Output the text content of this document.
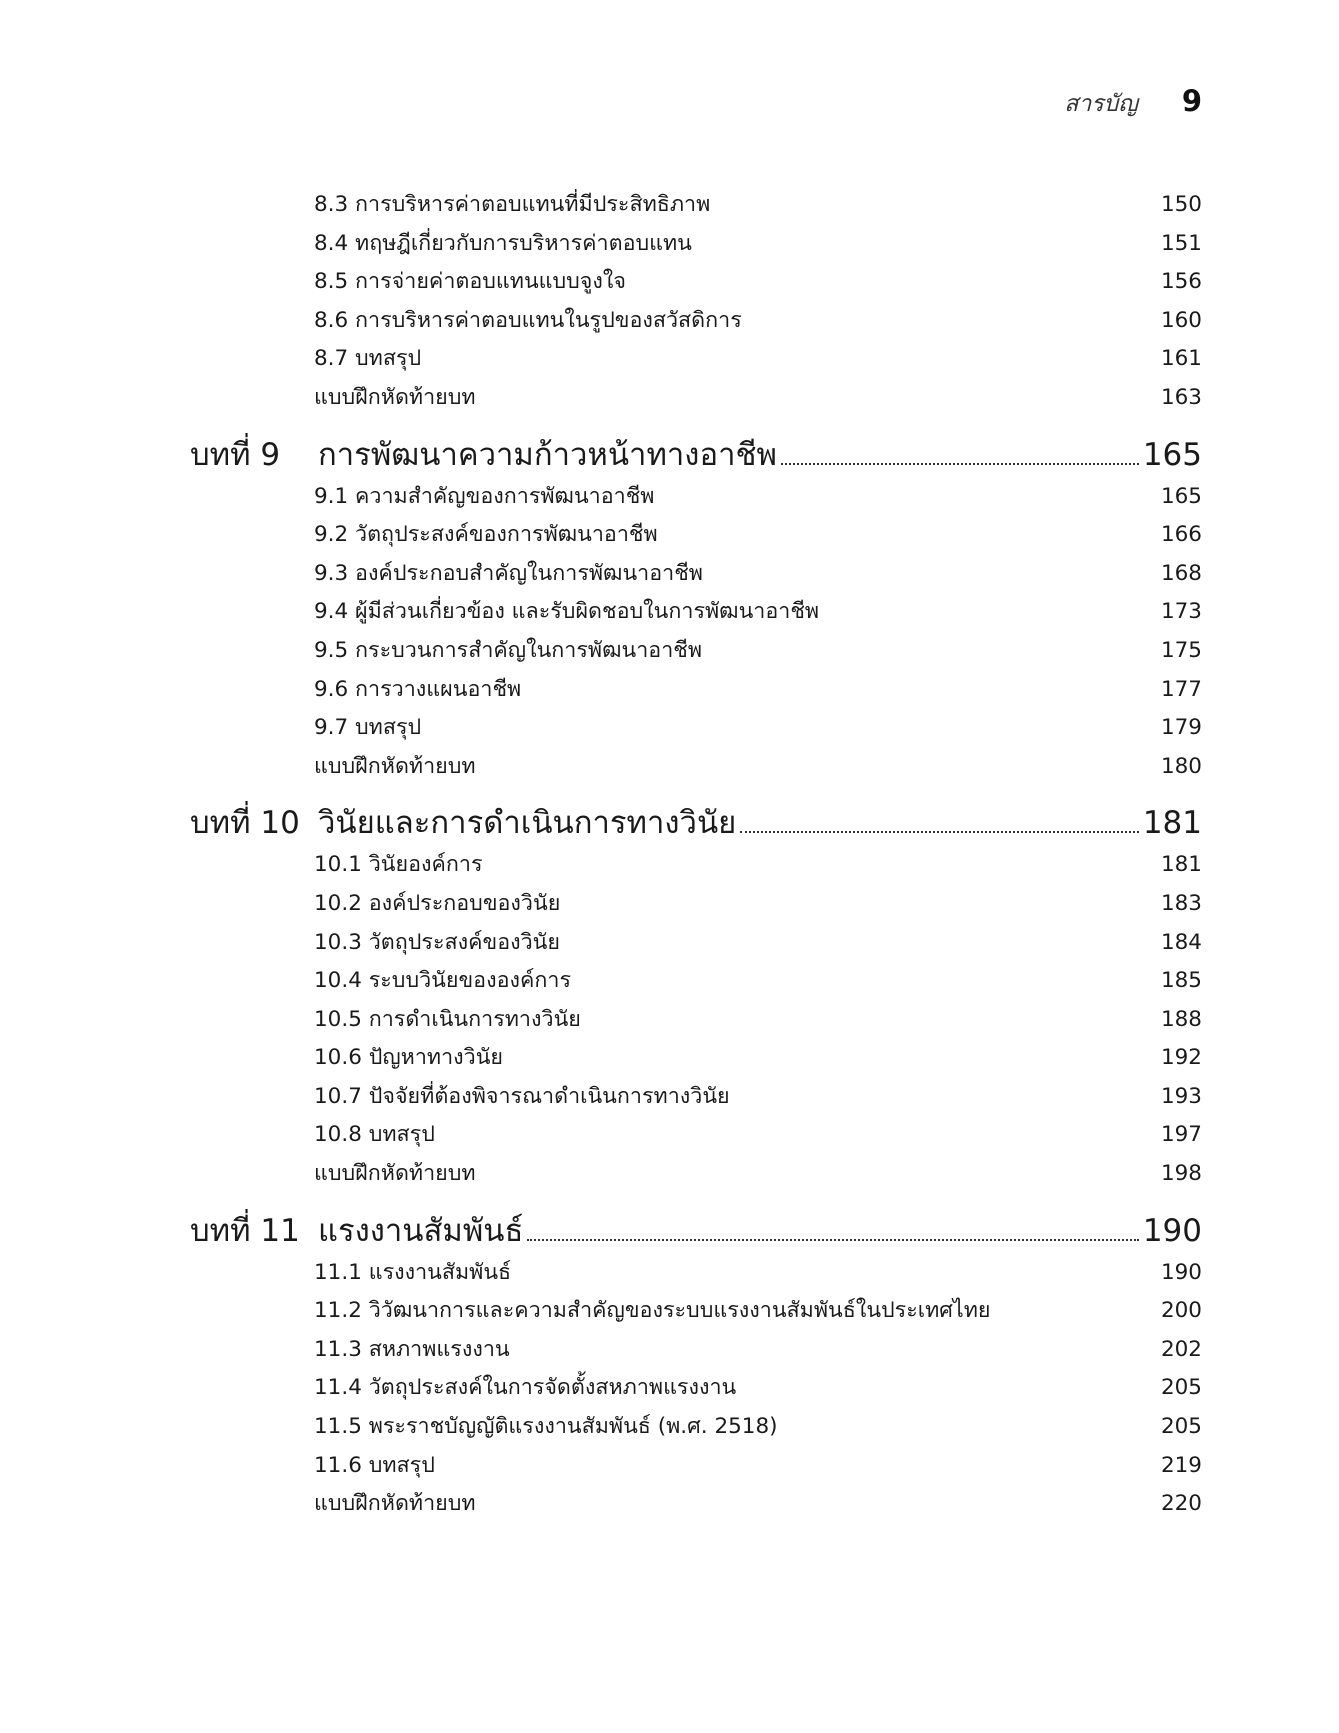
สารบัญ 9
8.3 การบริหารค่าตอบแทนที่มีประสิทธิภาพ	150
8.4 ทฤษฎีเกี่ยวกับการบริหารค่าตอบแทน	151
8.5 การจ่ายค่าตอบแทนแบบจูงใจ	156
8.6 การบริหารค่าตอบแทนในรูปของสวัสดิการ	160
8.7 บทสรุป	161
แบบฝึกหัดท้ายบท	163
บทที่ 9	การพัฒนาความก้าวหน้าทางอาชีพ	165
9.1 ความสำคัญของการพัฒนาอาชีพ	165
9.2 วัตถุประสงค์ของการพัฒนาอาชีพ	166
9.3 องค์ประกอบสำคัญในการพัฒนาอาชีพ	168
9.4 ผู้มีส่วนเกี่ยวข้อง และรับผิดชอบในการพัฒนาอาชีพ	173
9.5 กระบวนการสำคัญในการพัฒนาอาชีพ	175
9.6 การวางแผนอาชีพ	177
9.7 บทสรุป	179
แบบฝึกหัดท้ายบท	180
บทที่ 10 วินัยและการดำเนินการทางวินัย	181
10.1 วินัยองค์การ	181
10.2 องค์ประกอบของวินัย	183
10.3 วัตถุประสงค์ของวินัย	184
10.4 ระบบวินัยขององค์การ	185
10.5 การดำเนินการทางวินัย	188
10.6 ปัญหาทางวินัย	192
10.7 ปัจจัยที่ต้องพิจารณาดำเนินการทางวินัย	193
10.8 บทสรุป	197
แบบฝึกหัดท้ายบท	198
บทที่ 11 แรงงานสัมพันธ์	190
11.1 แรงงานสัมพันธ์	190
11.2 วิวัฒนาการและความสำคัญของระบบแรงงานสัมพันธ์ในประเทศไทย	200
11.3 สหภาพแรงงาน	202
11.4 วัตถุประสงค์ในการจัดตั้งสหภาพแรงงาน	205
11.5 พระราชบัญญัติแรงงานสัมพันธ์ (พ.ศ. 2518)	205
11.6 บทสรุป	219
แบบฝึกหัดท้ายบท	220
